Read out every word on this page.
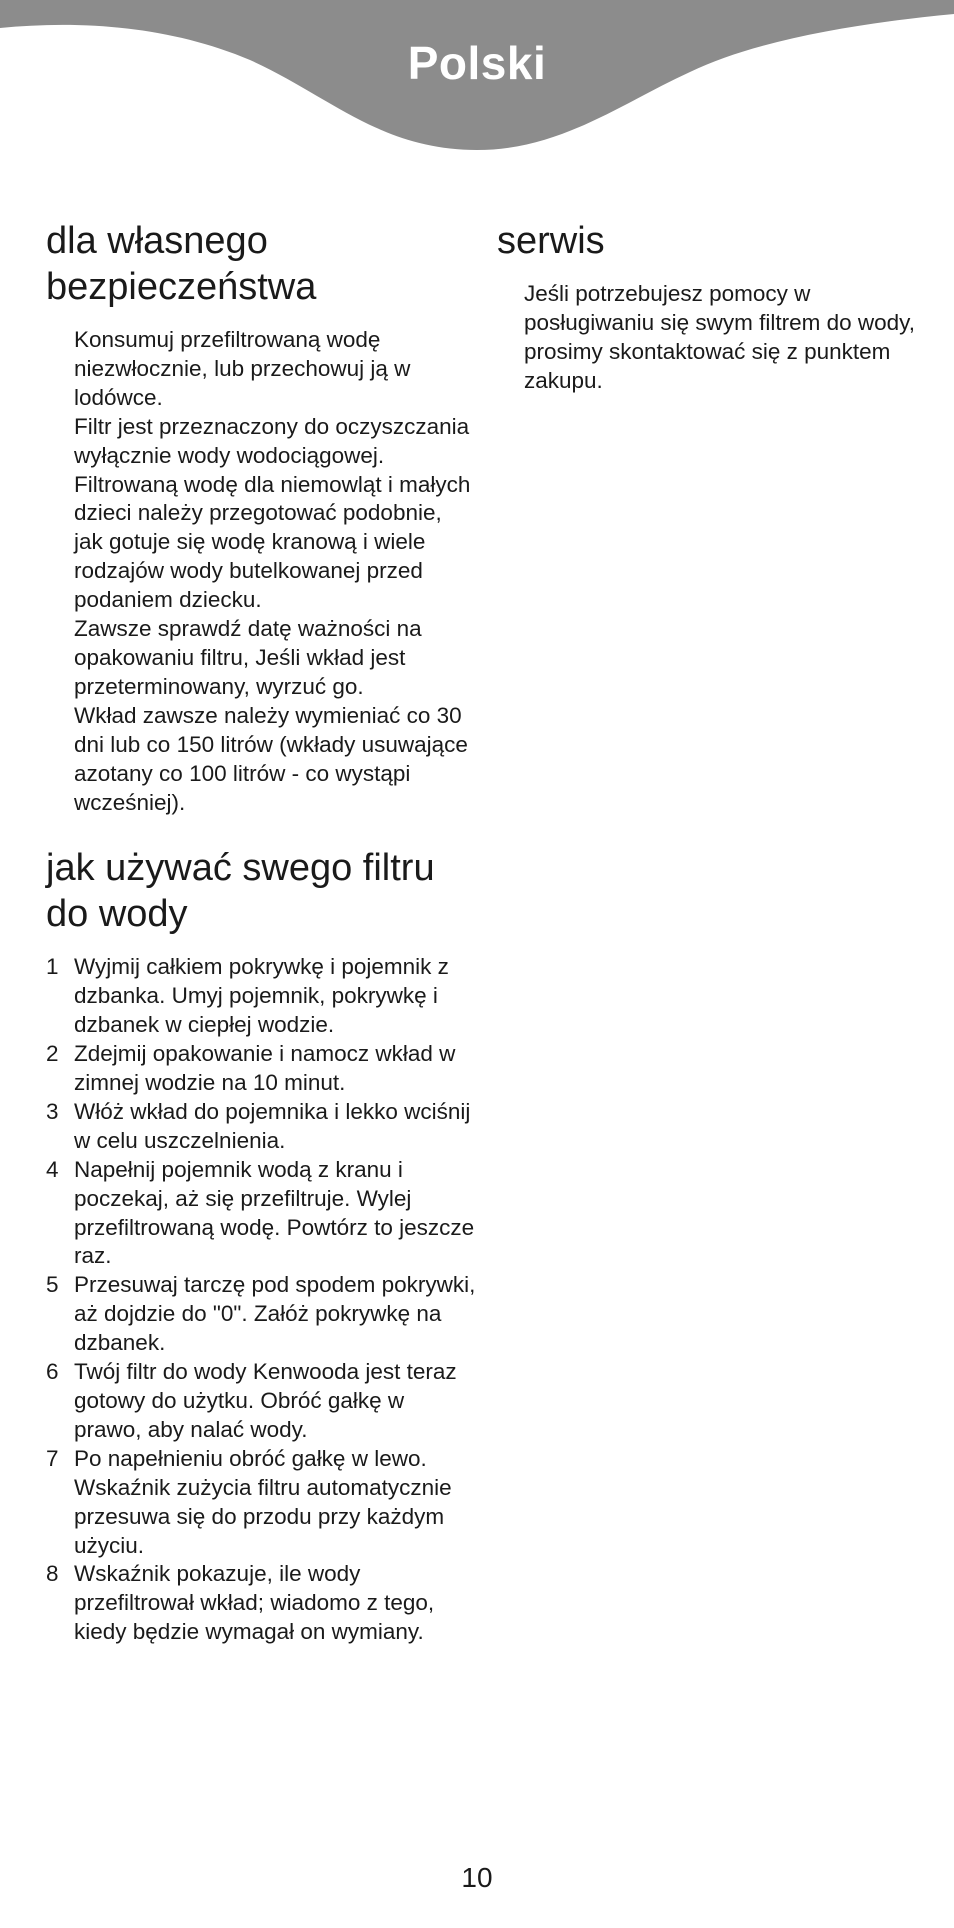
Polski
dla własnego
bezpieczeństwa

Konsumuj przefiltrowaną wodę niezwłocznie, lub przechowuj ją w lodówce.

Filtr jest przeznaczony do oczyszczania wyłącznie wody wodociągowej.

Filtrowaną wodę dla niemowląt i małych dzieci należy przegotować podobnie, jak gotuje się wodę kranową i wiele rodzajów wody butelkowanej przed podaniem dziecku.

Zawsze sprawdź datę ważności na opakowaniu filtru, Jeśli wkład jest przeterminowany, wyrzuć go.

Wkład zawsze należy wymieniać co 30 dni lub co 150 litrów (wkłady usuwające azotany co 100 litrów - co wystąpi wcześniej).

jak używać swego filtru
do wody
1 Wyjmij całkiem pokrywkę i pojemnik z dzbanka. Umyj pojemnik, pokrywkę i dzbanek w ciepłej wodzie.
2 Zdejmij opakowanie i namocz wkład w zimnej wodzie na 10 minut.
3 Włóż wkład do pojemnika i lekko wciśnij w celu uszczelnienia.
4 Napełnij pojemnik wodą z kranu i poczekaj, aż się przefiltruje. Wylej przefiltrowaną wodę. Powtórz to jeszcze raz.
5 Przesuwaj tarczę pod spodem pokrywki, aż dojdzie do "0". Załóż pokrywkę na dzbanek.
6 Twój filtr do wody Kenwooda jest teraz gotowy do użytku. Obróć gałkę w prawo, aby nalać wody.
7 Po napełnieniu obróć gałkę w lewo. Wskaźnik zużycia filtru automatycznie przesuwa się do przodu przy każdym użyciu.
8 Wskaźnik pokazuje, ile wody przefiltrował wkład; wiadomo z tego, kiedy będzie wymagał on wymiany.
serwis

Jeśli potrzebujesz pomocy w posługiwaniu się swym filtrem do wody, prosimy skontaktować się z punktem zakupu.

10
